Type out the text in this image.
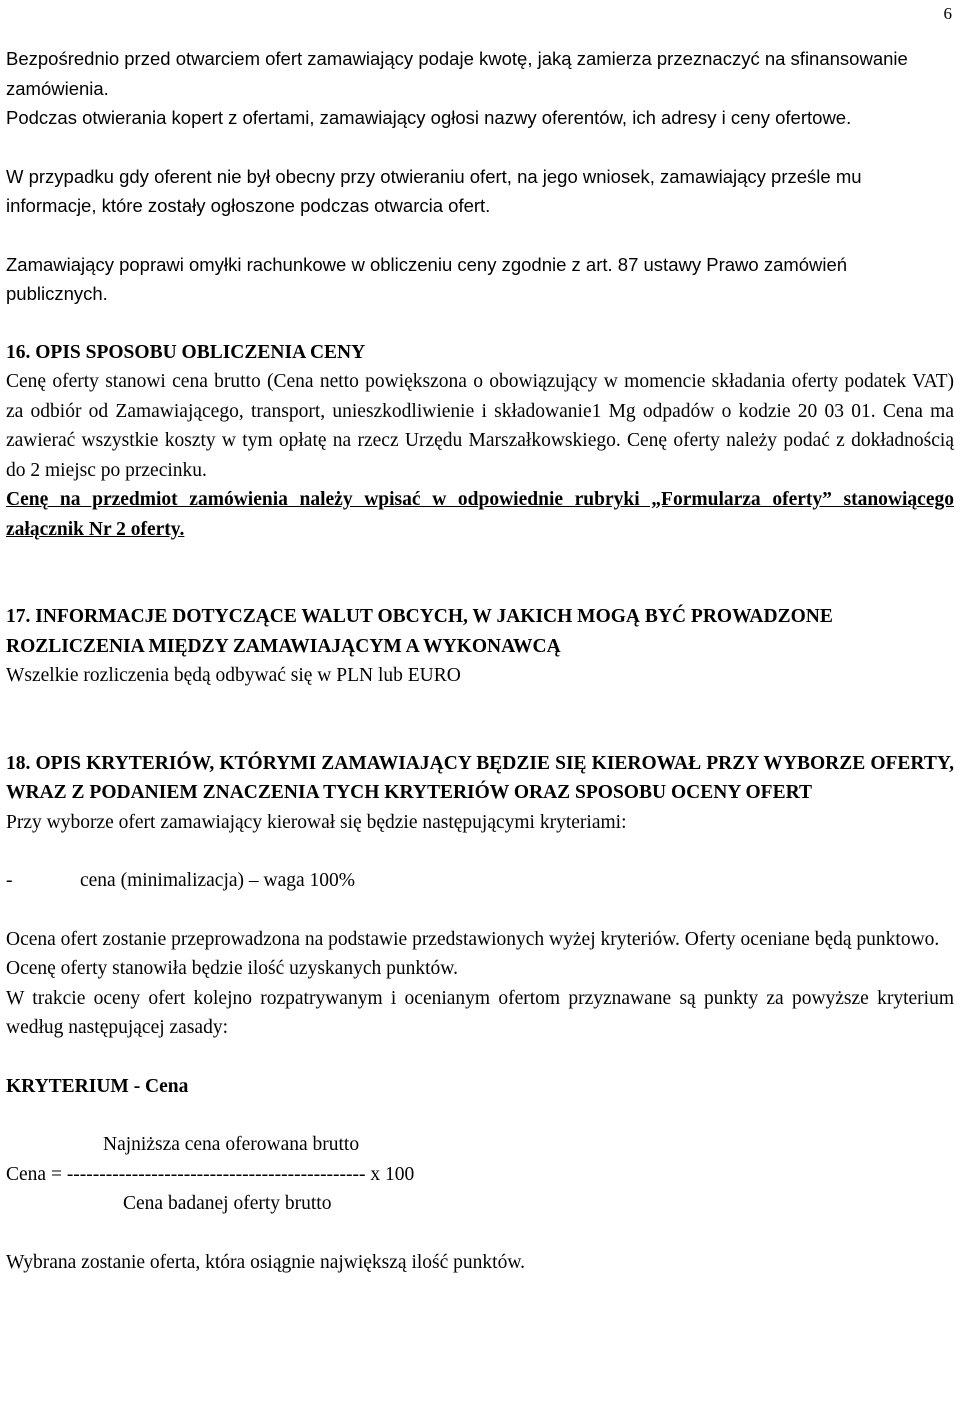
6

Bezpośrednio przed otwarciem ofert zamawiający podaje kwotę, jaką zamierza przeznaczyć na sfinansowanie zamówienia.

Podczas otwierania kopert z ofertami, zamawiający ogłosi nazwy oferentów, ich adresy i ceny ofertowe.

W przypadku gdy oferent nie był obecny przy otwieraniu ofert, na jego wniosek, zamawiający prześle mu informacje, które zostały ogłoszone podczas otwarcia ofert.

Zamawiający poprawi omyłki rachunkowe w obliczeniu ceny zgodnie z art. 87 ustawy Prawo zamówień publicznych.

16. OPIS SPOSOBU OBLICZENIA CENY

Cenę oferty stanowi cena brutto (Cena netto powiększona o obowiązujący w momencie składania oferty podatek VAT) za odbiór od Zamawiającego, transport, unieszkodliwienie i składowanie1 Mg odpadów o kodzie 20 03 01. Cena ma zawierać wszystkie koszty w tym opłatę na rzecz Urzędu Marszałkowskiego. Cenę oferty należy podać z dokładnością do 2 miejsc po przecinku.

Cenę na przedmiot zamówienia należy wpisać w odpowiednie rubryki „Formularza oferty” stanowiącego załącznik Nr 2 oferty.

17. INFORMACJE DOTYCZĄCE WALUT OBCYCH, W JAKICH MOGĄ BYĆ PROWADZONE ROZLICZENIA MIĘDZY ZAMAWIAJĄCYM A WYKONAWCĄ

Wszelkie rozliczenia będą odbywać się w PLN lub EURO

18. OPIS KRYTERIÓW, KTÓRYMI ZAMAWIAJĄCY BĘDZIE SIĘ KIEROWAŁ PRZY WYBORZE OFERTY, WRAZ Z PODANIEM ZNACZENIA TYCH KRYTERIÓW ORAZ SPOSOBU OCENY OFERT

Przy wyborze ofert zamawiający kierował się będzie następującymi kryteriami:

-	cena (minimalizacja) – waga 100%

Ocena ofert zostanie przeprowadzona na podstawie przedstawionych wyżej kryteriów. Oferty oceniane będą punktowo.

Ocenę oferty stanowiła będzie ilość uzyskanych punktów.

W trakcie oceny ofert kolejno rozpatrywanym i ocenianym ofertom przyznawane są punkty za powyższe kryterium według następującej zasady:

KRYTERIUM - Cena

Najniższa cena oferowana brutto

Cena = ---------------------------------------------- x 100

Cena badanej oferty brutto

Wybrana zostanie oferta, która osiągnie największą ilość punktów.
